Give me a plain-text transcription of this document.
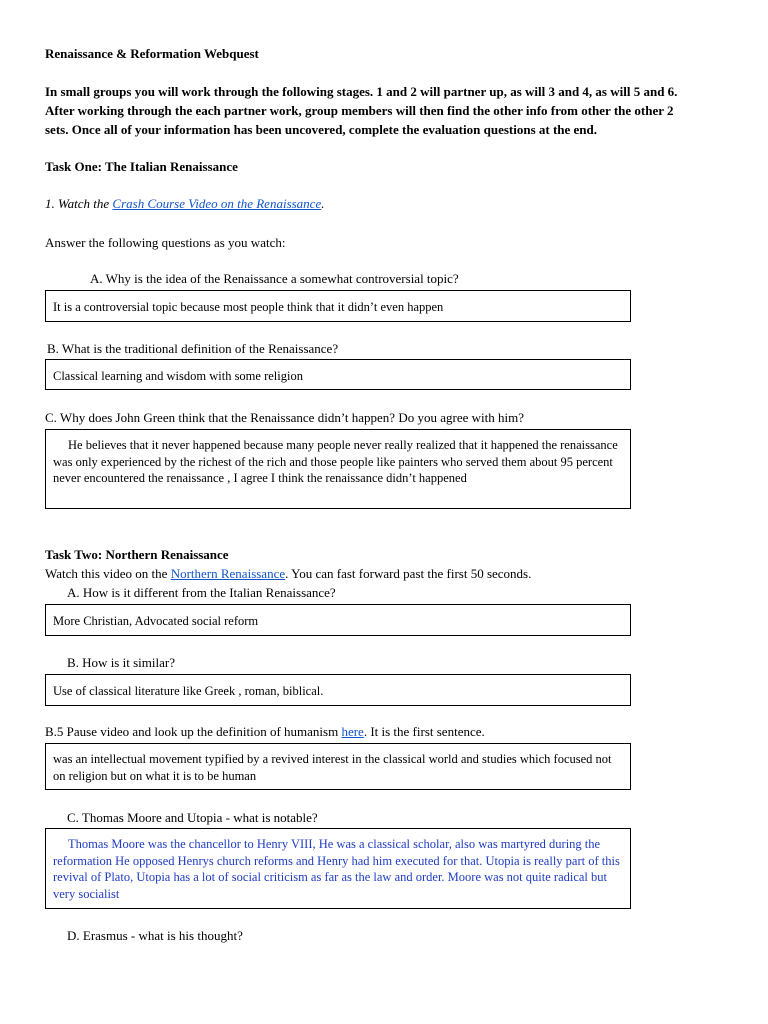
Renaissance & Reformation Webquest
In small groups you will work through the following stages. 1 and 2 will partner up, as will 3 and 4, as will 5 and 6.
After working through the each partner work, group members will then find the other info from other the other 2
sets. Once all of your information has been uncovered, complete the evaluation questions at the end.
Task One: The Italian Renaissance
1. Watch the Crash Course Video on the Renaissance.
Answer the following questions as you watch:
A. Why is the idea of the Renaissance a somewhat controversial topic?
It is a controversial topic because most people think that it didn’t even happen
B. What is the traditional definition of the Renaissance?
Classical learning and wisdom with some religion
C. Why does John Green think that the Renaissance didn’t happen? Do you agree with him?
He believes that it never happened because many people never really realized that it happened the renaissance was only experienced by the richest of the rich and those people like painters who served them about 95 percent never encountered the renaissance , I agree I think the renaissance didn’t happened
Task Two: Northern Renaissance
Watch this video on the Northern Renaissance. You can fast forward past the first 50 seconds.
A. How is it different from the Italian Renaissance?
More Christian, Advocated social reform
B. How is it similar?
Use of classical literature like Greek , roman, biblical.
B.5 Pause video and look up the definition of humanism here. It is the first sentence.
was an intellectual movement typified by a revived interest in the classical world and studies which focused not on religion but on what it is to be human
C. Thomas Moore and Utopia - what is notable?
Thomas Moore was the chancellor to Henry VIII, He was a classical scholar, also was martyred during the reformation He opposed Henrys church reforms and Henry had him executed for that. Utopia is really part of this revival of Plato, Utopia has a lot of social criticism as far as the law and order. Moore was not quite radical but very socialist
D. Erasmus - what is his thought?
